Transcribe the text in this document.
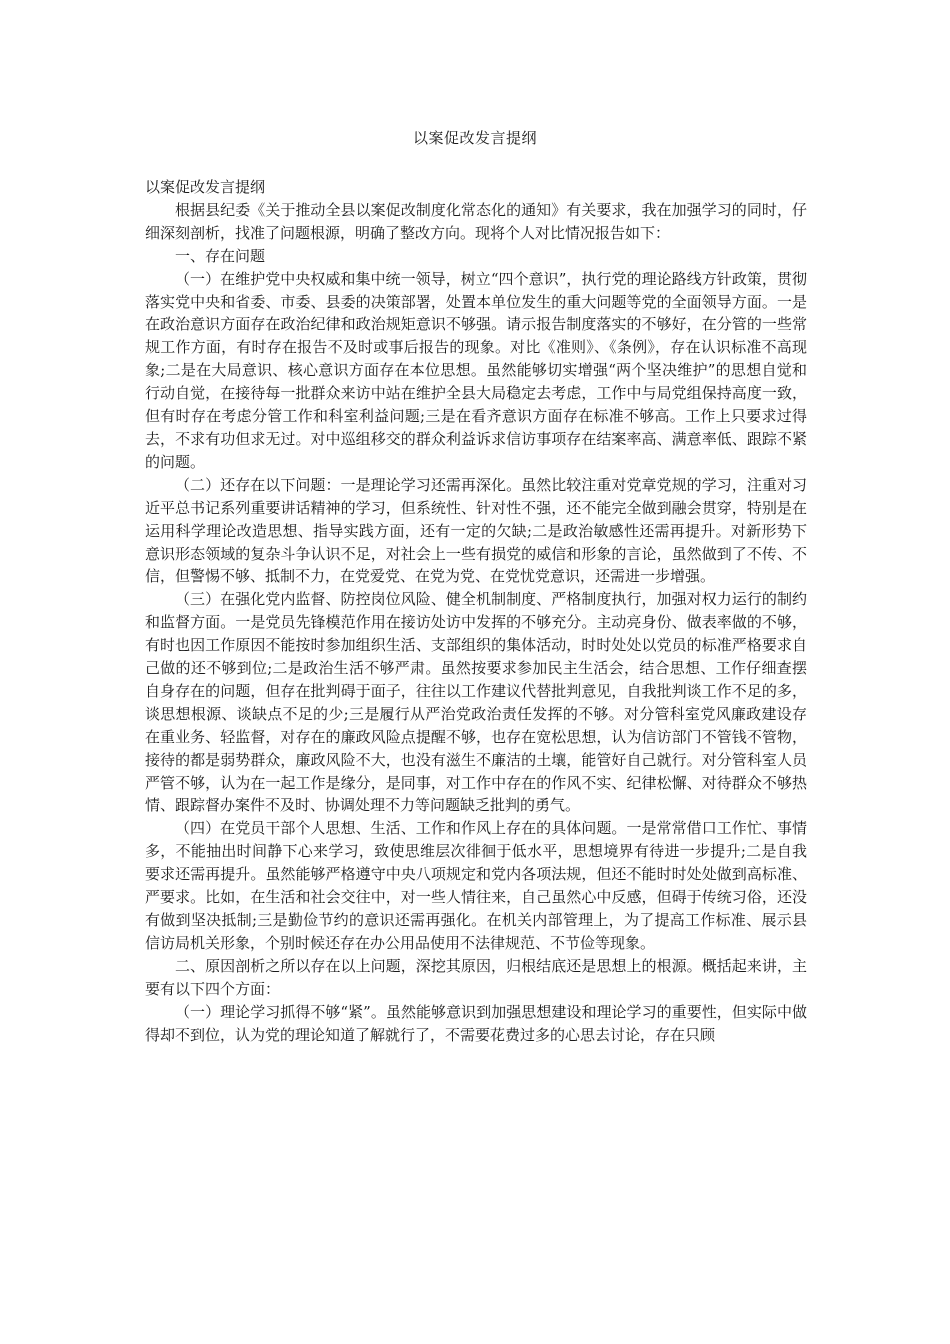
以案促改发言提纲

以案促改发言提纲

根据县纪委《关于推动全县以案促改制度化常态化的通知》有关要求，我在加强学习的同时，仔细深刻剖析，找准了问题根源，明确了整改方向。现将个人对比情况报告如下：

一、存在问题

（一）在维护党中央权威和集中统一领导，树立“四个意识”，执行党的理论路线方针政策，贯彻落实党中央和省委、市委、县委的决策部署，处置本单位发生的重大问题等党的全面领导方面。一是在政治意识方面存在政治纪律和政治规矩意识不够强。请示报告制度落实的不够好，在分管的一些常规工作方面，有时存在报告不及时或事后报告的现象。对比《准则》、《条例》，存在认识标准不高现象;二是在大局意识、核心意识方面存在本位思想。虽然能够切实增强“两个坚决维护”的思想自觉和行动自觉，在接待每一批群众来访中站在维护全县大局稳定去考虑，工作中与局党组保持高度一致，但有时存在考虑分管工作和科室利益问题;三是在看齐意识方面存在标准不够高。工作上只要求过得去，不求有功但求无过。对中巡组移交的群众利益诉求信访事项存在结案率高、满意率低、跟踪不紧的问题。

（二）还存在以下问题：一是理论学习还需再深化。虽然比较注重对党章党规的学习，注重对习近平总书记系列重要讲话精神的学习，但系统性、针对性不强，还不能完全做到融会贯穿，特别是在运用科学理论改造思想、指导实践方面，还有一定的欠缺;二是政治敏感性还需再提升。对新形势下意识形态领域的复杂斗争认识不足，对社会上一些有损党的威信和形象的言论，虽然做到了不传、不信，但警惕不够、抵制不力，在党爱党、在党为党、在党忧党意识，还需进一步增强。

（三）在强化党内监督、防控岗位风险、健全机制制度、严格制度执行，加强对权力运行的制约和监督方面。一是党员先锋模范作用在接访处访中发挥的不够充分。主动亮身份、做表率做的不够，有时也因工作原因不能按时参加组织生活、支部组织的集体活动，时时处处以党员的标准严格要求自己做的还不够到位;二是政治生活不够严肃。虽然按要求参加民主生活会，结合思想、工作仔细查摆自身存在的问题，但存在批判碍于面子，往往以工作建议代替批判意见，自我批判谈工作不足的多，谈思想根源、谈缺点不足的少;三是履行从严治党政治责任发挥的不够。对分管科室党风廉政建设存在重业务、轻监督，对存在的廉政风险点提醒不够，也存在宽松思想，认为信访部门不管钱不管物，接待的都是弱势群众，廉政风险不大，也没有滋生不廉洁的土壤，能管好自己就行。对分管科室人员严管不够，认为在一起工作是缘分，是同事，对工作中存在的作风不实、纪律松懈、对待群众不够热情、跟踪督办案件不及时、协调处理不力等问题缺乏批判的勇气。

（四）在党员干部个人思想、生活、工作和作风上存在的具体问题。一是常常借口工作忙、事情多，不能抽出时间静下心来学习，致使思维层次徘徊于低水平，思想境界有待进一步提升;二是自我要求还需再提升。虽然能够严格遵守中央八项规定和党内各项法规，但还不能时时处处做到高标准、严要求。比如，在生活和社会交往中，对一些人情往来，自己虽然心中反感，但碍于传统习俗，还没有做到坚决抵制;三是勤俭节约的意识还需再强化。在机关内部管理上，为了提高工作标准、展示县信访局机关形象，个别时候还存在办公用品使用不法律规范、不节俭等现象。

二、原因剖析之所以存在以上问题，深挖其原因，归根结底还是思想上的根源。概括起来讲，主要有以下四个方面：

（一）理论学习抓得不够“紧”。虽然能够意识到加强思想建设和理论学习的重要性，但实际中做得却不到位，认为党的理论知道了解就行了，不需要花费过多的心思去讨论，存在只顾
